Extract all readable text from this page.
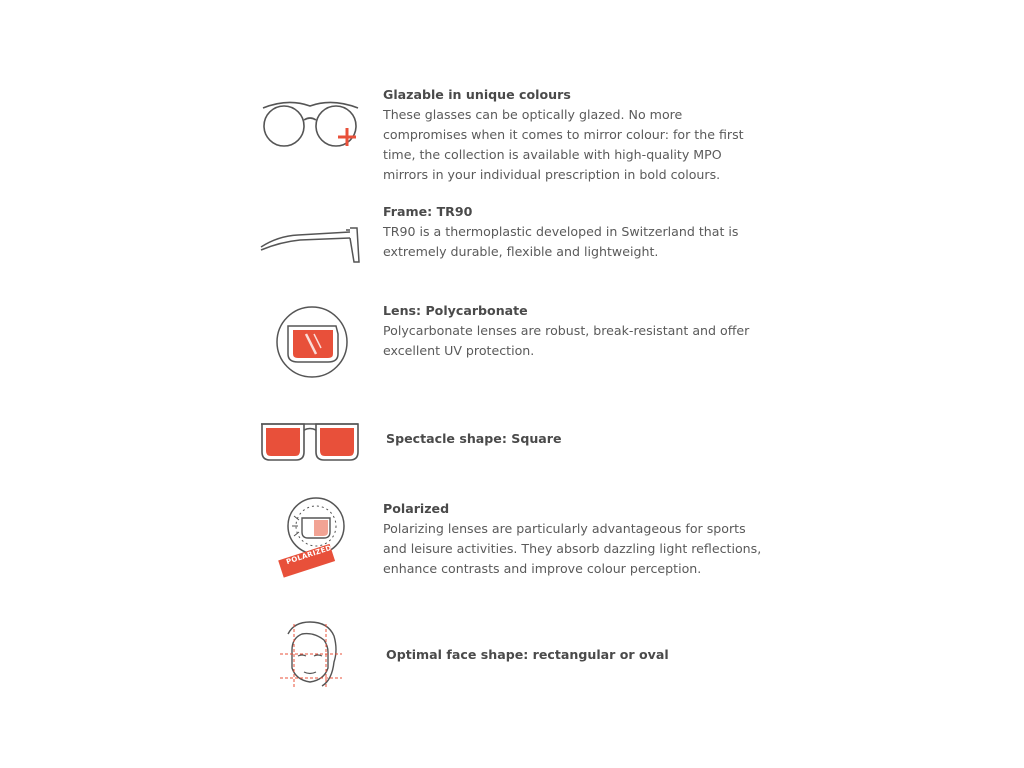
Glazable in unique colours

These glasses can be optically glazed. No more compromises when it comes to mirror colour: for the first time, the collection is available with high-quality MPO mirrors in your individual prescription in bold colours.

Frame: TR90

TR90 is a thermoplastic developed in Switzerland that is extremely durable, flexible and lightweight.

Lens: Polycarbonate

Polycarbonate lenses are robust, break-resistant and offer excellent UV protection.

Spectacle shape: Square
POLARIZED

Polarized

Polarizing lenses are particularly advantageous for sports and leisure activities. They absorb dazzling light reflections, enhance contrasts and improve colour perception.

Optimal face shape: rectangular or oval
